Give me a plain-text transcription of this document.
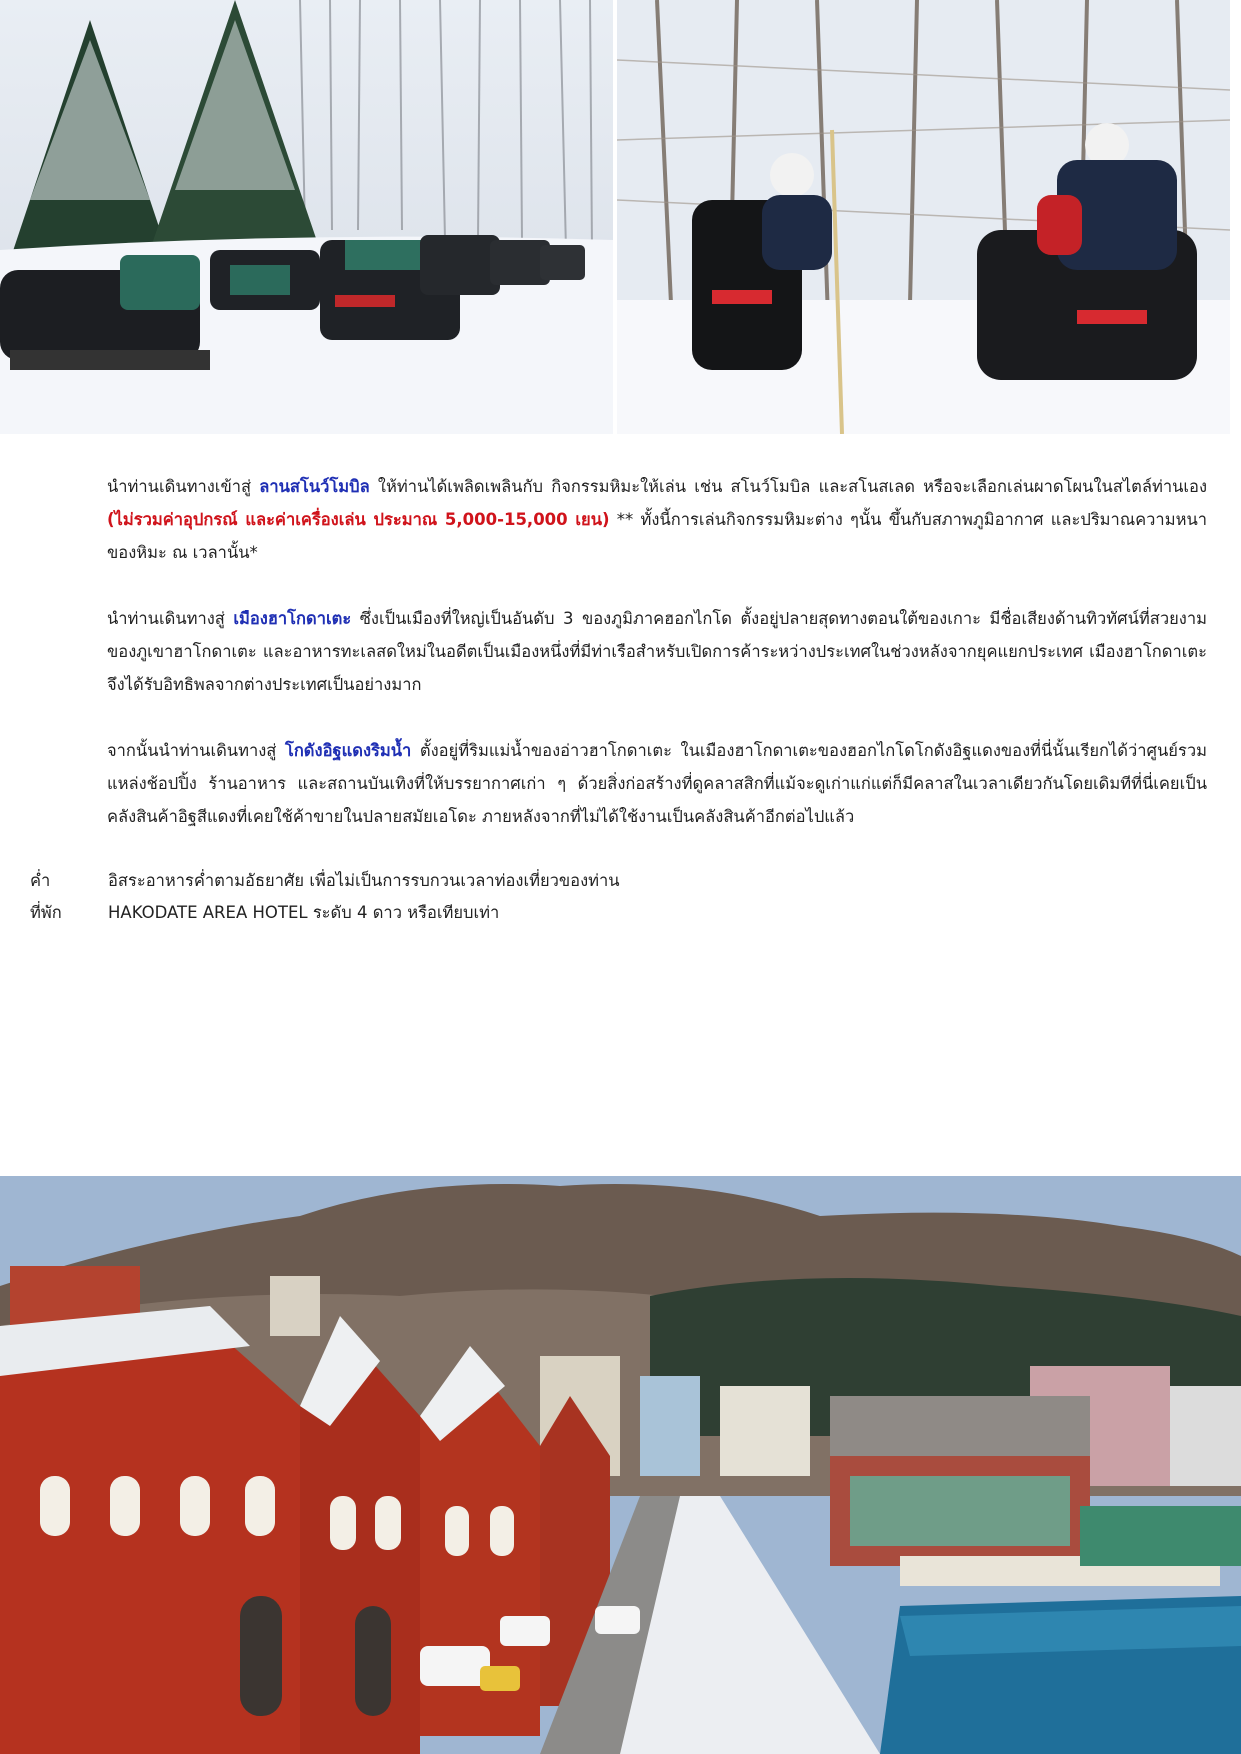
นำท่านเดินทางเข้าสู่ ลานสโนว์โมบิล ให้ท่านได้เพลิดเพลินกับ กิจกรรมหิมะให้เล่น เช่น สโนว์โมบิล และสโนสเลด หรือจะเลือกเล่นผาดโผนในสไตล์ท่านเอง (ไม่รวมค่าอุปกรณ์ และค่าเครื่องเล่น ประมาณ 5,000-15,000 เยน) ** ทั้งนี้การเล่นกิจกรรมหิมะต่าง ๆนั้น ขึ้นกับสภาพภูมิอากาศ และปริมาณความหนาของหิมะ ณ เวลานั้น*

นำท่านเดินทางสู่ เมืองฮาโกดาเตะ ซึ่งเป็นเมืองที่ใหญ่เป็นอันดับ 3 ของภูมิภาคฮอกไกโด ตั้งอยู่ปลายสุดทางตอนใต้ของเกาะ มีชื่อเสียงด้านทิวทัศน์ที่สวยงามของภูเขาฮาโกดาเตะ และอาหารทะเลสดใหม่ในอดีตเป็นเมืองหนึ่งที่มีท่าเรือสำหรับเปิดการค้าระหว่างประเทศในช่วงหลังจากยุคแยกประเทศ เมืองฮาโกดาเตะจึงได้รับอิทธิพลจากต่างประเทศเป็นอย่างมาก

จากนั้นนำท่านเดินทางสู่ โกดังอิฐแดงริมน้ำ ตั้งอยู่ที่ริมแม่น้ำของอ่าวฮาโกดาเตะ ในเมืองฮาโกดาเตะของฮอกไกโดโกดังอิฐแดงของที่นี่นั้นเรียกได้ว่าศูนย์รวมแหล่งช้อปปิ้ง ร้านอาหาร และสถานบันเทิงที่ให้บรรยากาศเก่า ๆ ด้วยสิ่งก่อสร้างที่ดูคลาสสิกที่แม้จะดูเก่าแก่แต่ก็มีคลาสในเวลาเดียวกันโดยเดิมทีที่นี่เคยเป็นคลังสินค้าอิฐสีแดงที่เคยใช้ค้าขายในปลายสมัยเอโดะ ภายหลังจากที่ไม่ได้ใช้งานเป็นคลังสินค้าอีกต่อไปแล้ว

ค่ำ	อิสระอาหารค่ำตามอัธยาศัย เพื่อไม่เป็นการรบกวนเวลาท่องเที่ยวของท่าน
ที่พัก	HAKODATE AREA HOTEL ระดับ 4 ดาว หรือเทียบเท่า
